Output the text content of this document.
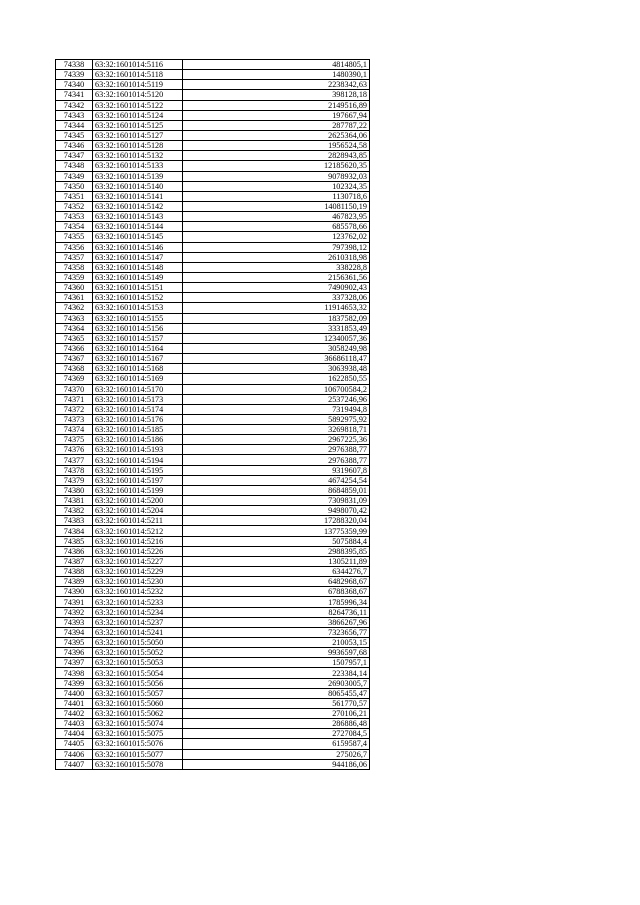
74338	63:32:1601014:5116	4814805,1
74339	63:32:1601014:5118	1480390,1
74340	63:32:1601014:5119	2238342,63
74341	63:32:1601014:5120	398128,18
74342	63:32:1601014:5122	2149516,89
74343	63:32:1601014:5124	197667,94
74344	63:32:1601014:5125	287787,22
74345	63:32:1601014:5127	2625364,06
74346	63:32:1601014:5128	1956524,58
74347	63:32:1601014:5132	2828943,85
74348	63:32:1601014:5133	12185620,35
74349	63:32:1601014:5139	9078932,03
74350	63:32:1601014:5140	102324,35
74351	63:32:1601014:5141	1130718,6
74352	63:32:1601014:5142	14081150,19
74353	63:32:1601014:5143	467823,95
74354	63:32:1601014:5144	685578,66
74355	63:32:1601014:5145	123762,02
74356	63:32:1601014:5146	797398,12
74357	63:32:1601014:5147	2610318,98
74358	63:32:1601014:5148	338228,8
74359	63:32:1601014:5149	2156361,56
74360	63:32:1601014:5151	7490902,43
74361	63:32:1601014:5152	337328,06
74362	63:32:1601014:5153	11914653,32
74363	63:32:1601014:5155	1837582,09
74364	63:32:1601014:5156	3331853,49
74365	63:32:1601014:5157	12340057,36
74366	63:32:1601014:5164	3058249,98
74367	63:32:1601014:5167	36686118,47
74368	63:32:1601014:5168	3063938,48
74369	63:32:1601014:5169	1622850,55
74370	63:32:1601014:5170	106700584,2
74371	63:32:1601014:5173	2537246,96
74372	63:32:1601014:5174	7319494,8
74373	63:32:1601014:5176	5892975,92
74374	63:32:1601014:5185	3269818,71
74375	63:32:1601014:5186	2967225,36
74376	63:32:1601014:5193	2976388,77
74377	63:32:1601014:5194	2976388,77
74378	63:32:1601014:5195	9319607,8
74379	63:32:1601014:5197	4674254,54
74380	63:32:1601014:5199	8684859,01
74381	63:32:1601014:5200	7309831,09
74382	63:32:1601014:5204	9498070,42
74383	63:32:1601014:5211	17288320,04
74384	63:32:1601014:5212	13775359,99
74385	63:32:1601014:5216	5075884,4
74386	63:32:1601014:5226	2988395,85
74387	63:32:1601014:5227	1305211,89
74388	63:32:1601014:5229	6344276,7
74389	63:32:1601014:5230	6482968,67
74390	63:32:1601014:5232	6788368,67
74391	63:32:1601014:5233	1785996,34
74392	63:32:1601014:5234	8264736,11
74393	63:32:1601014:5237	3866267,96
74394	63:32:1601014:5241	7323656,77
74395	63:32:1601015:5050	210053,15
74396	63:32:1601015:5052	9936597,68
74397	63:32:1601015:5053	1507957,1
74398	63:32:1601015:5054	223384,14
74399	63:32:1601015:5056	26903005,7
74400	63:32:1601015:5057	8065455,47
74401	63:32:1601015:5060	561770,57
74402	63:32:1601015:5062	270106,21
74403	63:32:1601015:5074	286886,48
74404	63:32:1601015:5075	2727084,5
74405	63:32:1601015:5076	6159587,4
74406	63:32:1601015:5077	275026,7
74407	63:32:1601015:5078	944186,06
